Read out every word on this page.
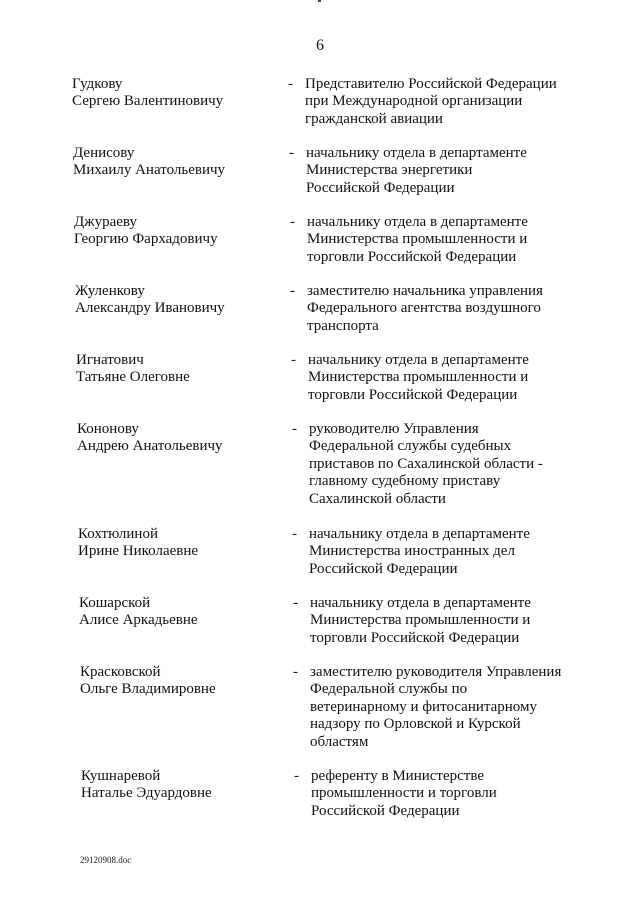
6
Гудкову
Сергею Валентиновичу
- Представителю Российской Федерации
при Международной организации
гражданской авиации
Денисову
Михаилу Анатольевичу
- начальнику отдела в департаменте
Министерства энергетики
Российской Федерации
Джураеву
Георгию Фархадовичу
- начальнику отдела в департаменте
Министерства промышленности и
торговли Российской Федерации
Жуленкову
Александру Ивановичу
- заместителю начальника управления
Федерального агентства воздушного
транспорта
Игнатович
Татьяне Олеговне
- начальнику отдела в департаменте
Министерства промышленности и
торговли Российской Федерации
Кононову
Андрею Анатольевичу
- руководителю Управления
Федеральной службы судебных
приставов по Сахалинской области -
главному судебному приставу
Сахалинской области
Кохтюлиной
Ирине Николаевне
- начальнику отдела в департаменте
Министерства иностранных дел
Российской Федерации
Кошарской
Алисе Аркадьевне
- начальнику отдела в департаменте
Министерства промышленности и
торговли Российской Федерации
Красковской
Ольге Владимировне
- заместителю руководителя Управления
Федеральной службы по
ветеринарному и фитосанитарному
надзору по Орловской и Курской
областям
Кушнаревой
Наталье Эдуардовне
- референту в Министерстве
промышленности и торговли
Российской Федерации
29120908.doc
